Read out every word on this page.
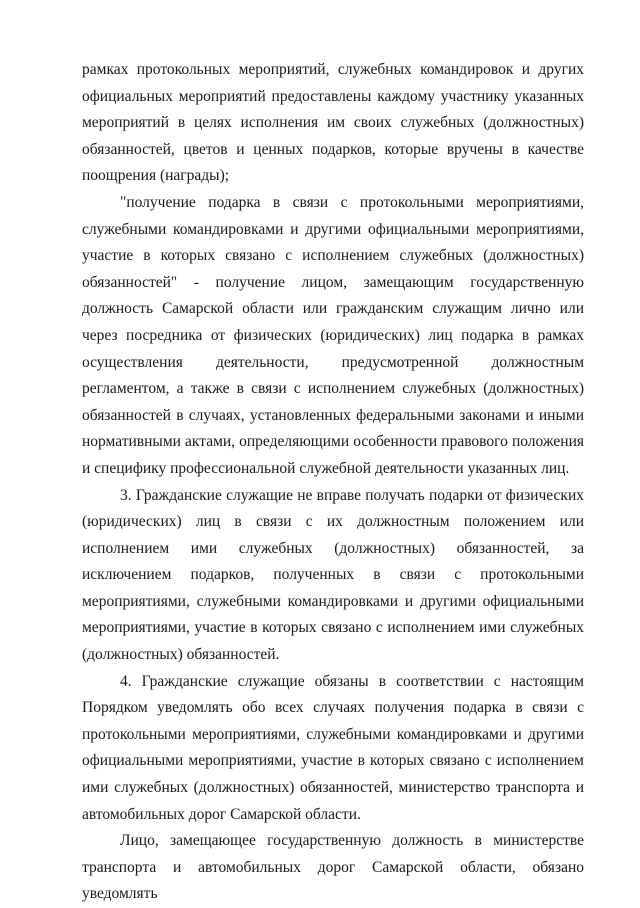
рамках протокольных мероприятий, служебных командировок и других официальных мероприятий предоставлены каждому участнику указанных мероприятий в целях исполнения им своих служебных (должностных) обязанностей, цветов и ценных подарков, которые вручены в качестве поощрения (награды);

"получение подарка в связи с протокольными мероприятиями, служебными командировками и другими официальными мероприятиями, участие в которых связано с исполнением служебных (должностных) обязанностей" - получение лицом, замещающим государственную должность Самарской области или гражданским служащим лично или через посредника от физических (юридических) лиц подарка в рамках осуществления деятельности, предусмотренной должностным регламентом, а также в связи с исполнением служебных (должностных) обязанностей в случаях, установленных федеральными законами и иными нормативными актами, определяющими особенности правового положения и специфику профессиональной служебной деятельности указанных лиц.

3. Гражданские служащие не вправе получать подарки от физических (юридических) лиц в связи с их должностным положением или исполнением ими служебных (должностных) обязанностей, за исключением подарков, полученных в связи с протокольными мероприятиями, служебными командировками и другими официальными мероприятиями, участие в которых связано с исполнением ими служебных (должностных) обязанностей.

4. Гражданские служащие обязаны в соответствии с настоящим Порядком уведомлять обо всех случаях получения подарка в связи с протокольными мероприятиями, служебными командировками и другими официальными мероприятиями, участие в которых связано с исполнением ими служебных (должностных) обязанностей, министерство транспорта и автомобильных дорог Самарской области.

Лицо, замещающее государственную должность в министерстве транспорта и автомобильных дорог Самарской области, обязано уведомлять
